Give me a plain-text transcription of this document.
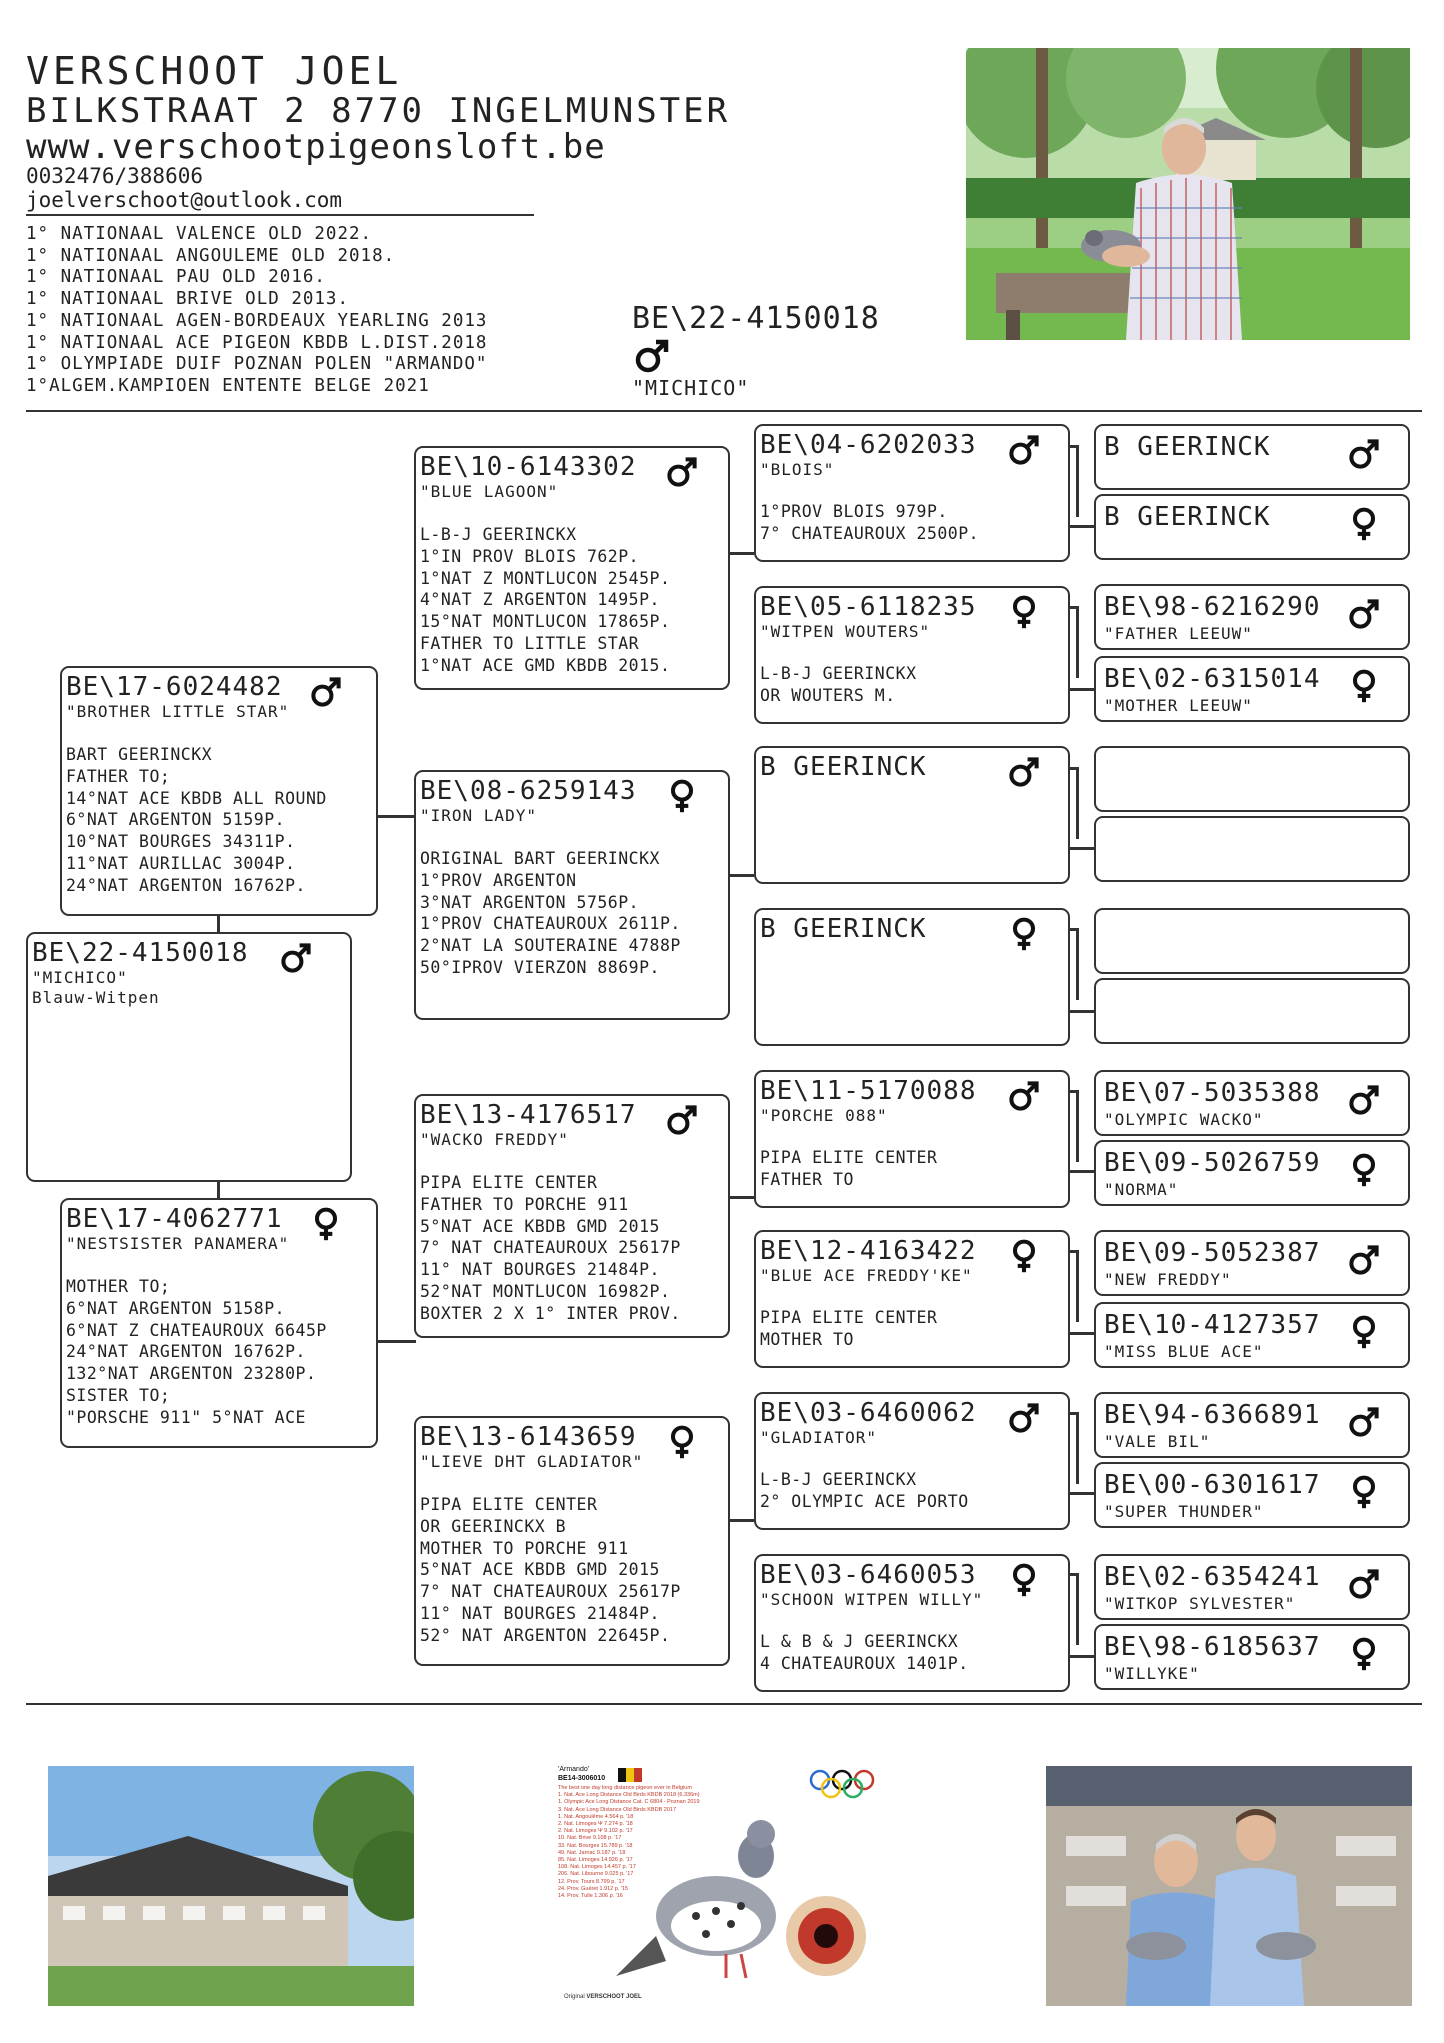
VERSCHOOT JOEL
BILKSTRAAT 2 8770 INGELMUNSTER
www.verschootpigeonsloft.be
0032476/388606
joelverschoot@outlook.com
1° NATIONAAL VALENCE OLD 2022.
1° NATIONAAL ANGOULEME OLD 2018.
1° NATIONAAL PAU OLD 2016.
1° NATIONAAL BRIVE OLD 2013.
1° NATIONAAL AGEN-BORDEAUX YEARLING 2013
1° NATIONAAL ACE PIGEON KBDB L.DIST.2018
1° OLYMPIADE DUIF POZNAN POLEN "ARMANDO"
1°ALGEM.KAMPIOEN ENTENTE BELGE 2021
BE\22-4150018
"MICHICO"
BE\22-4150018
"MICHICO"
Blauw-Witpen
BE\17-6024482
"BROTHER LITTLE STAR"
BART GEERINCKX
FATHER TO;
14°NAT ACE KBDB ALL ROUND
6°NAT ARGENTON 5159P.
10°NAT BOURGES 34311P.
11°NAT AURILLAC 3004P.
24°NAT ARGENTON 16762P.
BE\17-4062771
"NESTSISTER PANAMERA"
MOTHER TO;
6°NAT ARGENTON 5158P.
6°NAT Z CHATEAUROUX 6645P
24°NAT ARGENTON 16762P.
132°NAT ARGENTON 23280P.
SISTER TO;
"PORSCHE 911" 5°NAT ACE
BE\10-6143302
"BLUE LAGOON"
L-B-J GEERINCKX
1°IN PROV BLOIS 762P.
1°NAT Z MONTLUCON 2545P.
4°NAT Z ARGENTON 1495P.
15°NAT MONTLUCON 17865P.
FATHER TO LITTLE STAR
1°NAT ACE GMD KBDB 2015.
BE\08-6259143
"IRON LADY"
ORIGINAL BART GEERINCKX
1°PROV ARGENTON
3°NAT ARGENTON 5756P.
1°PROV CHATEAUROUX 2611P.
2°NAT LA SOUTERAINE 4788P
50°IPROV VIERZON 8869P.
BE\13-4176517
"WACKO FREDDY"
PIPA ELITE CENTER
FATHER TO PORCHE 911
5°NAT ACE KBDB GMD 2015
7° NAT CHATEAUROUX 25617P
11° NAT BOURGES 21484P.
52°NAT MONTLUCON 16982P.
BOXTER 2 X 1° INTER PROV.
BE\13-6143659
"LIEVE DHT GLADIATOR"
PIPA ELITE CENTER
OR GEERINCKX B
MOTHER TO PORCHE 911
5°NAT ACE KBDB GMD 2015
7° NAT CHATEAUROUX 25617P
11° NAT BOURGES 21484P.
52° NAT ARGENTON 22645P.
BE\04-6202033
"BLOIS"
1°PROV BLOIS 979P.
7° CHATEAUROUX 2500P.
BE\05-6118235
"WITPEN WOUTERS"
L-B-J GEERINCKX
OR WOUTERS M.
B GEERINCK
B GEERINCK
BE\11-5170088
"PORCHE 088"
PIPA ELITE CENTER
FATHER TO
BE\12-4163422
"BLUE ACE FREDDY'KE"
PIPA ELITE CENTER
MOTHER TO
BE\03-6460062
"GLADIATOR"
L-B-J GEERINCKX
2° OLYMPIC ACE PORTO
BE\03-6460053
"SCHOON WITPEN WILLY"
L & B & J GEERINCKX
4 CHATEAUROUX 1401P.
B GEERINCK
B GEERINCK
BE\98-6216290
"FATHER LEEUW"
BE\02-6315014
"MOTHER LEEUW"
BE\07-5035388
"OLYMPIC WACKO"
BE\09-5026759
"NORMA"
BE\09-5052387
"NEW FREDDY"
BE\10-4127357
"MISS BLUE ACE"
BE\94-6366891
"VALE BIL"
BE\00-6301617
"SUPER THUNDER"
BE\02-6354241
"WITKOP SYLVESTER"
BE\98-6185637
"WILLYKE"
'Armando'
BE14-3006010
The best one day long distance pigeon ever in Belgium
1. Nat. Ace Long Distance Old Birds KBDB 2018 (6.336m)
1. Olympic Ace Long Distance Cat. C 6804 - Poznan 2019
3. Nat. Ace Long Distance Old Birds KBDB 2017
1. Nat. Angoulême 4.564 p. '18
2. Nat. Limoges Ψ 7.274 p. '18
2. Nat. Limoges Ψ 9.102 p. '17
10. Nat. Brive 9.108 p. '17
33. Nat. Bourges 15.789 p. '18
49. Nat. Jarnac 9.187 p. '18
85. Nat. Limoges 14.926 p. '17
108. Nat. Limoges 14.457 p. '17
206. Nat. Libourne 9.025 p. '17
12. Prov. Tours 8.799 p. '17
24. Prov. Guéret 1.912 p. '15
14. Prov. Tulle 1.306 p. '16
Original VERSCHOOT JOEL
